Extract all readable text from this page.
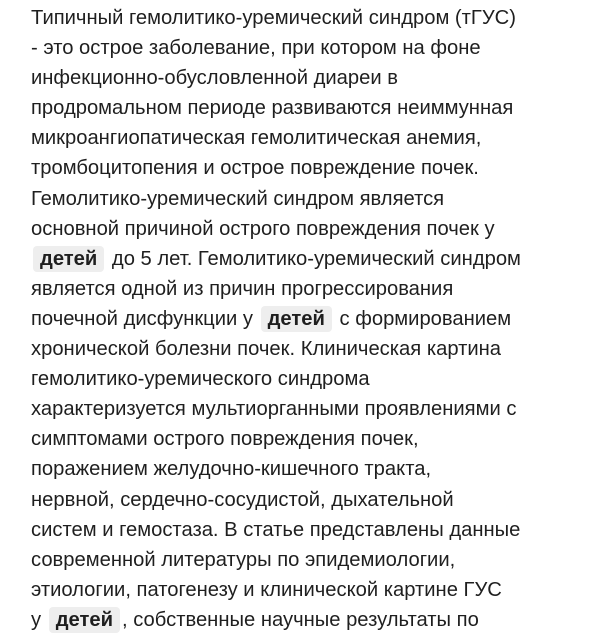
Типичный гемолитико-уремический синдром (тГУС)
- это острое заболевание, при котором на фоне
инфекционно-обусловленной диареи в
продромальном периоде развиваются неиммунная
микроангиопатическая гемолитическая анемия,
тромбоцитопения и острое повреждение почек.
Гемолитико-уремический синдром является
основной причиной острого повреждения почек у
детей до 5 лет. Гемолитико-уремический синдром
является одной из причин прогрессирования
почечной дисфункции у детей с формированием
хронической болезни почек. Клиническая картина
гемолитико-уремического синдрома
характеризуется мультиорганными проявлениями с
симптомами острого повреждения почек,
поражением желудочно-кишечного тракта,
нервной, сердечно-сосудистой, дыхательной
систем и гемостаза. В статье представлены данные
современной литературы по эпидемиологии,
этиологии, патогенезу и клинической картине ГУС
у детей , собственные научные результаты по
